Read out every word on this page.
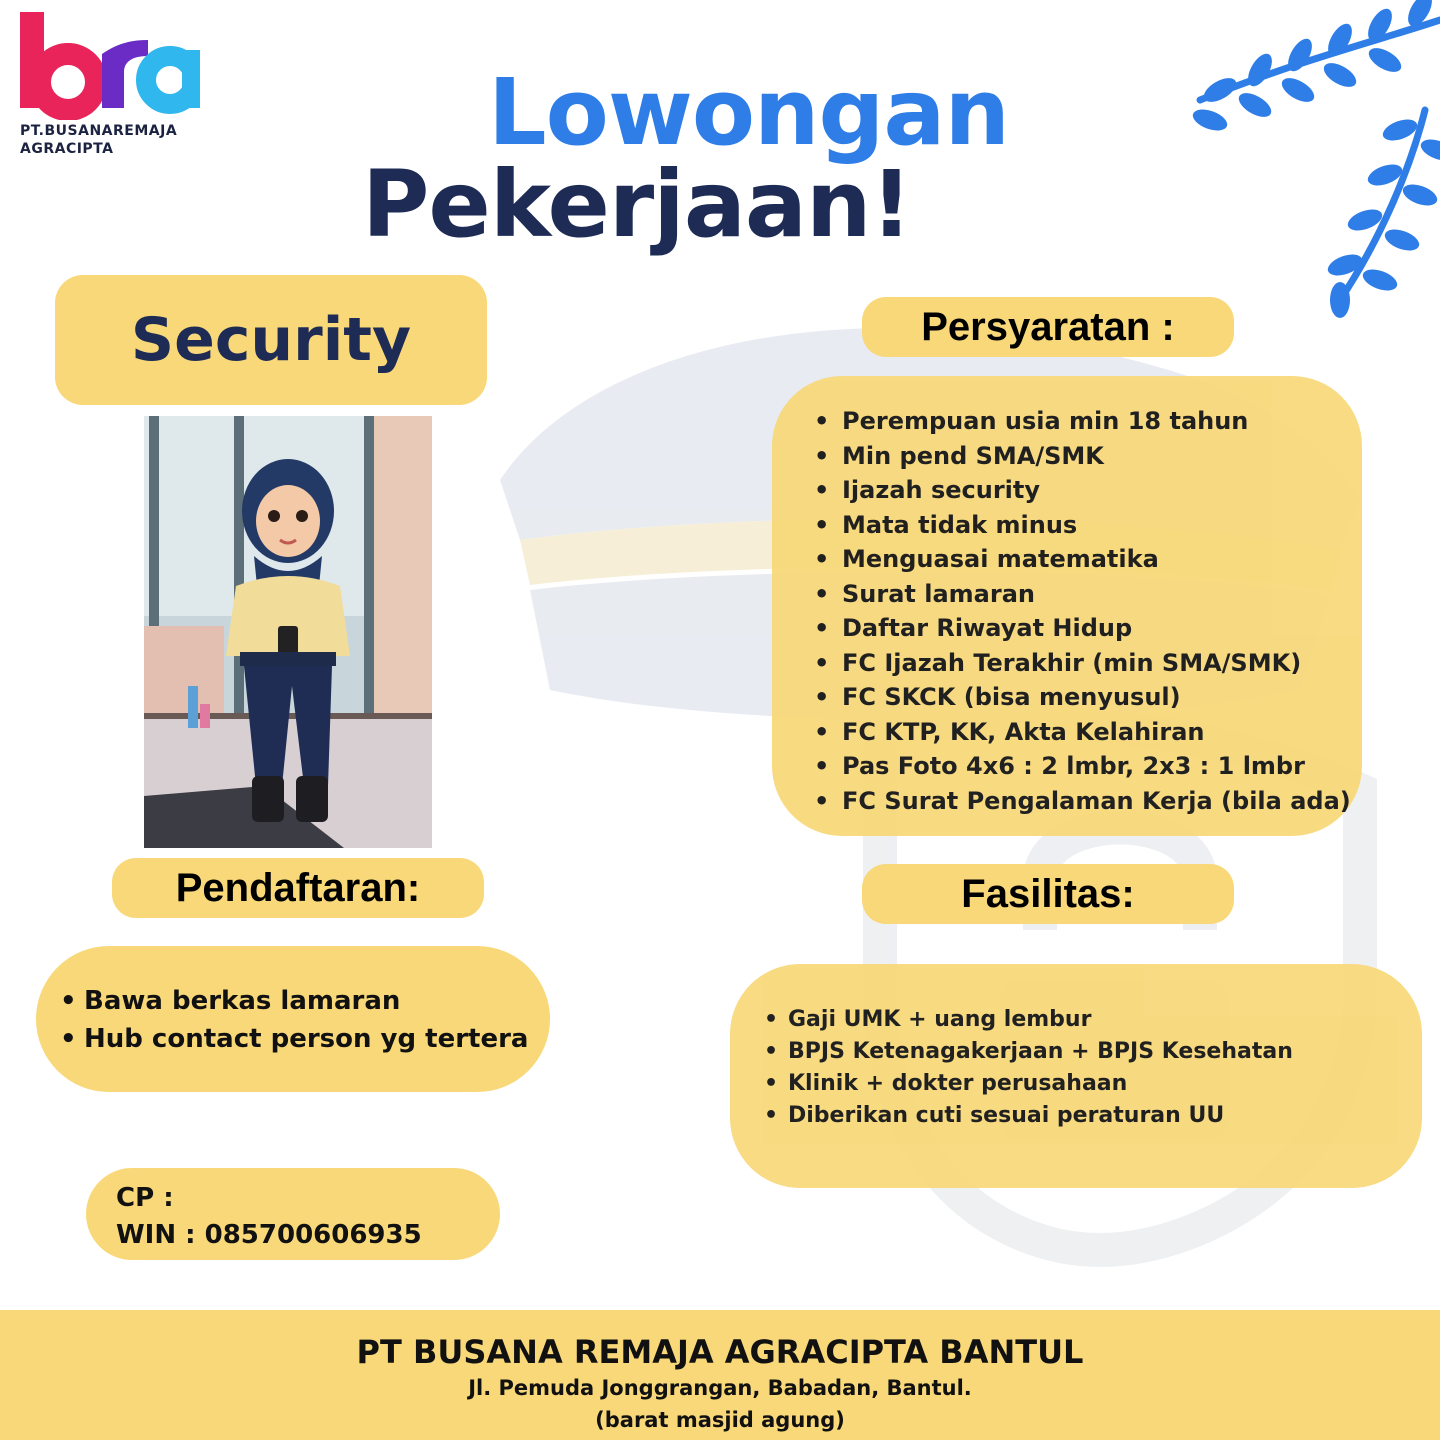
PT.BUSANAREMAJA
AGRACIPTA	Lowongan
Pekerjaan!
Security	Persyaratan :
• Perempuan usia min 18 tahun
• Min pend SMA/SMK
• Ijazah security
• Mata tidak minus
• Menguasai matematika
• Surat lamaran
• Daftar Riwayat Hidup
• FC Ijazah Terakhir (min SMA/SMK)
• FC SKCK (bisa menyusul)
• FC KTP, KK, Akta Kelahiran
• Pas Foto 4x6 : 2 lmbr, 2x3 : 1 lmbr
• FC Surat Pengalaman Kerja (bila ada)
Pendaftaran:
• Bawa berkas lamaran
• Hub contact person yg tertera
Fasilitas:
• Gaji UMK + uang lembur
• BPJS Ketenagakerjaan + BPJS Kesehatan
• Klinik + dokter perusahaan
• Diberikan cuti sesuai peraturan UU
CP :
WIN : 085700606935
PT BUSANA REMAJA AGRACIPTA BANTUL
Jl. Pemuda Jonggrangan, Babadan, Bantul.
(barat masjid agung)
